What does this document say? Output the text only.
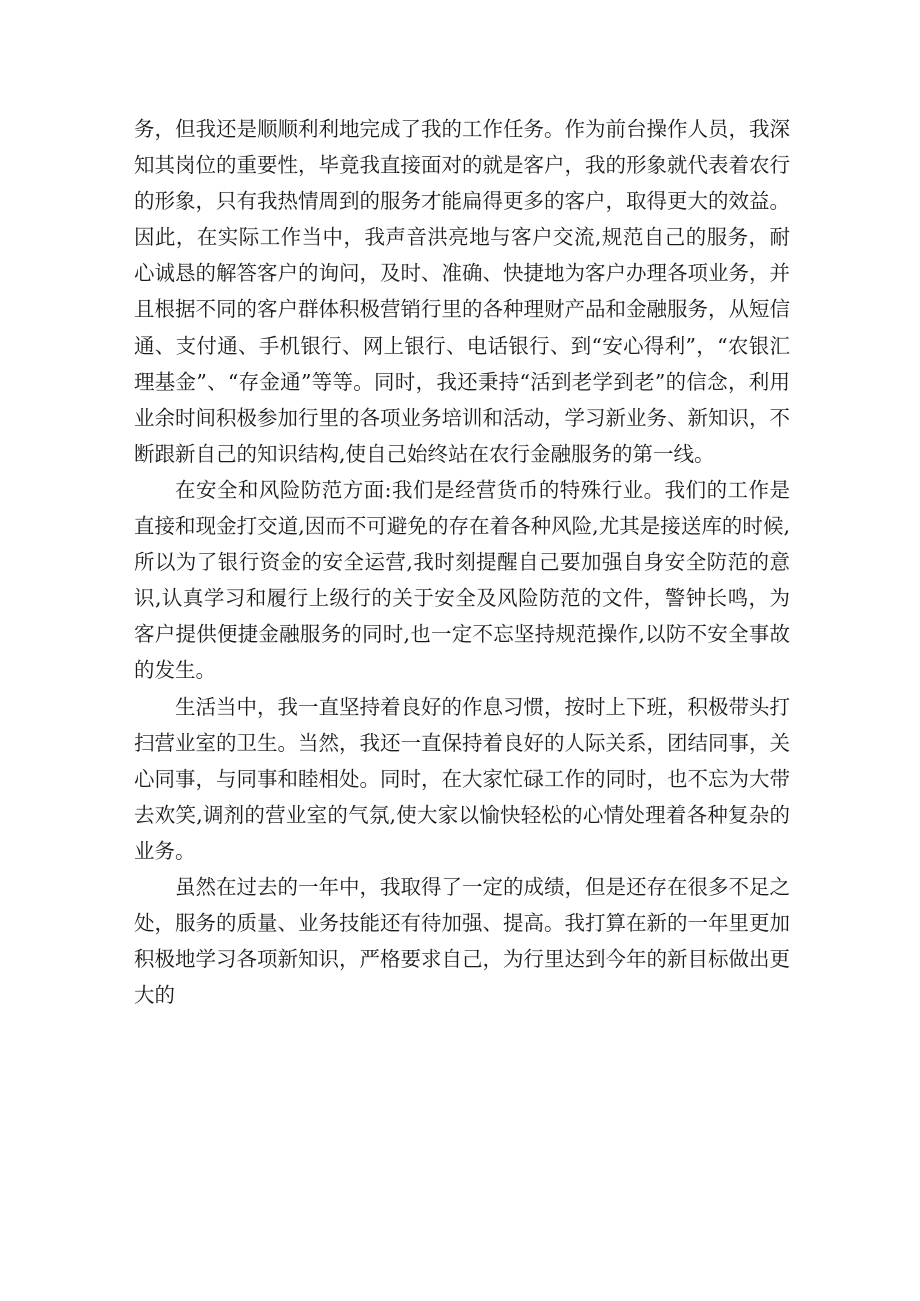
务，但我还是顺顺利利地完成了我的工作任务。作为前台操作人员，我深知其岗位的重要性，毕竟我直接面对的就是客户，我的形象就代表着农行的形象，只有我热情周到的服务才能扁得更多的客户，取得更大的效益。因此，在实际工作当中，我声音洪亮地与客户交流,规范自己的服务，耐心诚恳的解答客户的询问，及时、准确、快捷地为客户办理各项业务，并且根据不同的客户群体积极营销行里的各种理财产品和金融服务，从短信通、支付通、手机银行、网上银行、电话银行、到“安心得利”，“农银汇理基金”、“存金通”等等。同时，我还秉持“活到老学到老”的信念，利用业余时间积极参加行里的各项业务培训和活动，学习新业务、新知识，不断跟新自己的知识结构,使自己始终站在农行金融服务的第一线。

在安全和风险防范方面:我们是经营货币的特殊行业。我们的工作是直接和现金打交道,因而不可避免的存在着各种风险,尤其是接送库的时候,所以为了银行资金的安全运营,我时刻提醒自己要加强自身安全防范的意识,认真学习和履行上级行的关于安全及风险防范的文件，警钟长鸣，为客户提供便捷金融服务的同时,也一定不忘坚持规范操作,以防不安全事故的发生。

生活当中，我一直坚持着良好的作息习惯，按时上下班，积极带头打扫营业室的卫生。当然，我还一直保持着良好的人际关系，团结同事，关心同事，与同事和睦相处。同时，在大家忙碌工作的同时，也不忘为大带去欢笑,调剂的营业室的气氛,使大家以愉快轻松的心情处理着各种复杂的业务。

虽然在过去的一年中，我取得了一定的成绩，但是还存在很多不足之处，服务的质量、业务技能还有待加强、提高。我打算在新的一年里更加积极地学习各项新知识，严格要求自己，为行里达到今年的新目标做出更大的
